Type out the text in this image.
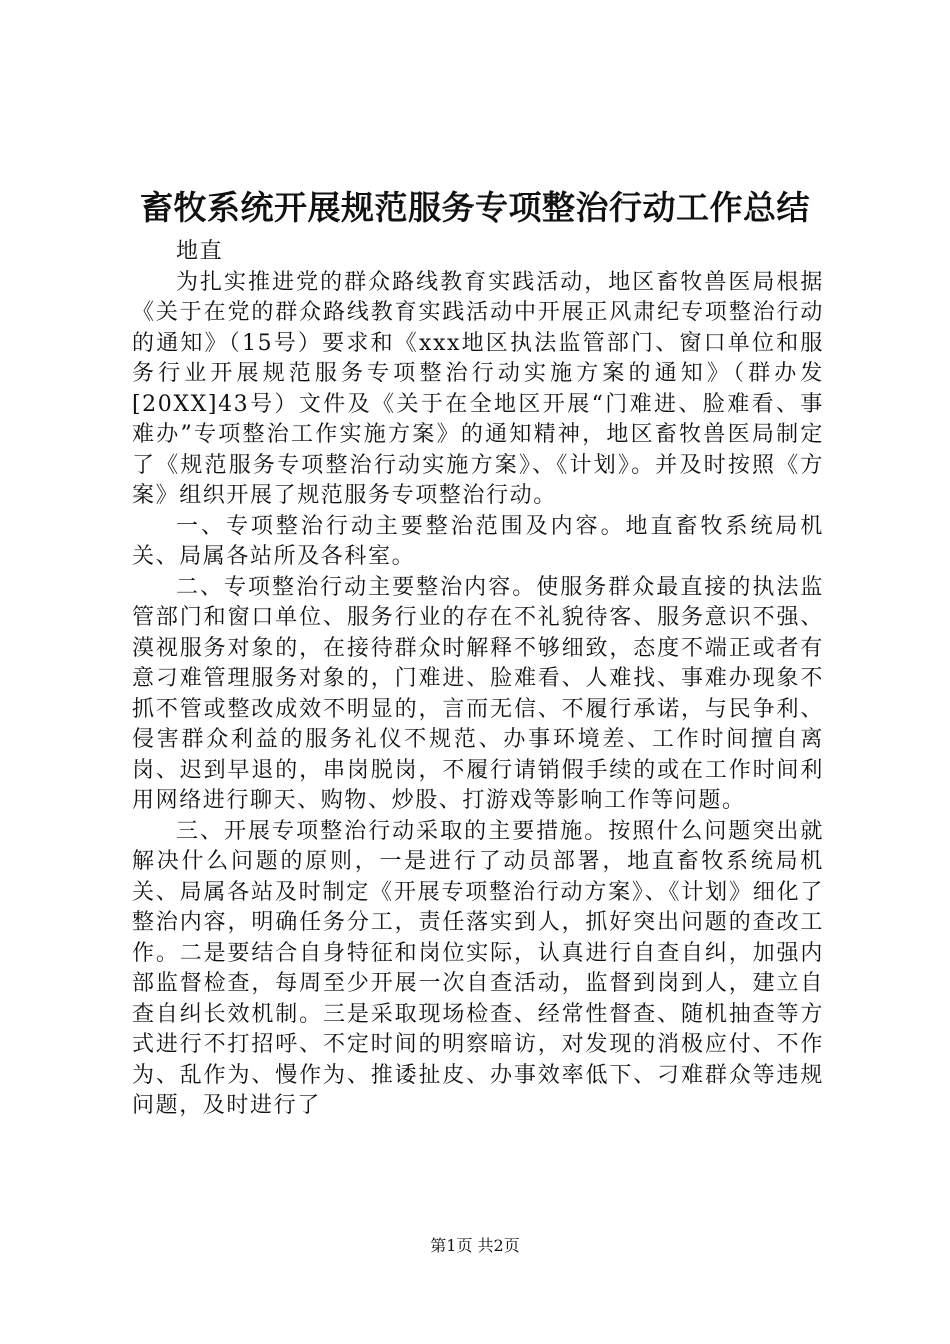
畜牧系统开展规范服务专项整治行动工作总结

地直

为扎实推进党的群众路线教育实践活动，地区畜牧兽医局根据《关于在党的群众路线教育实践活动中开展正风肃纪专项整治行动的通知》（15号）要求和《xxx地区执法监管部门、窗口单位和服务行业开展规范服务专项整治行动实施方案的通知》（群办发[20XX]43号）文件及《关于在全地区开展“门难进、脸难看、事难办”专项整治工作实施方案》的通知精神，地区畜牧兽医局制定了《规范服务专项整治行动实施方案》、《计划》。并及时按照《方案》组织开展了规范服务专项整治行动。

一、专项整治行动主要整治范围及内容。地直畜牧系统局机关、局属各站所及各科室。

二、专项整治行动主要整治内容。使服务群众最直接的执法监管部门和窗口单位、服务行业的存在不礼貌待客、服务意识不强、漠视服务对象的，在接待群众时解释不够细致，态度不端正或者有意刁难管理服务对象的，门难进、脸难看、人难找、事难办现象不抓不管或整改成效不明显的，言而无信、不履行承诺，与民争利、侵害群众利益的服务礼仪不规范、办事环境差、工作时间擅自离岗、迟到早退的，串岗脱岗，不履行请销假手续的或在工作时间利用网络进行聊天、购物、炒股、打游戏等影响工作等问题。

三、开展专项整治行动采取的主要措施。按照什么问题突出就解决什么问题的原则，一是进行了动员部署，地直畜牧系统局机关、局属各站及时制定《开展专项整治行动方案》、《计划》细化了整治内容，明确任务分工，责任落实到人，抓好突出问题的查改工作。二是要结合自身特征和岗位实际，认真进行自查自纠，加强内部监督检查，每周至少开展一次自查活动，监督到岗到人，建立自查自纠长效机制。三是采取现场检查、经常性督查、随机抽查等方式进行不打招呼、不定时间的明察暗访，对发现的消极应付、不作为、乱作为、慢作为、推诿扯皮、办事效率低下、刁难群众等违规问题，及时进行了

第1页 共2页
